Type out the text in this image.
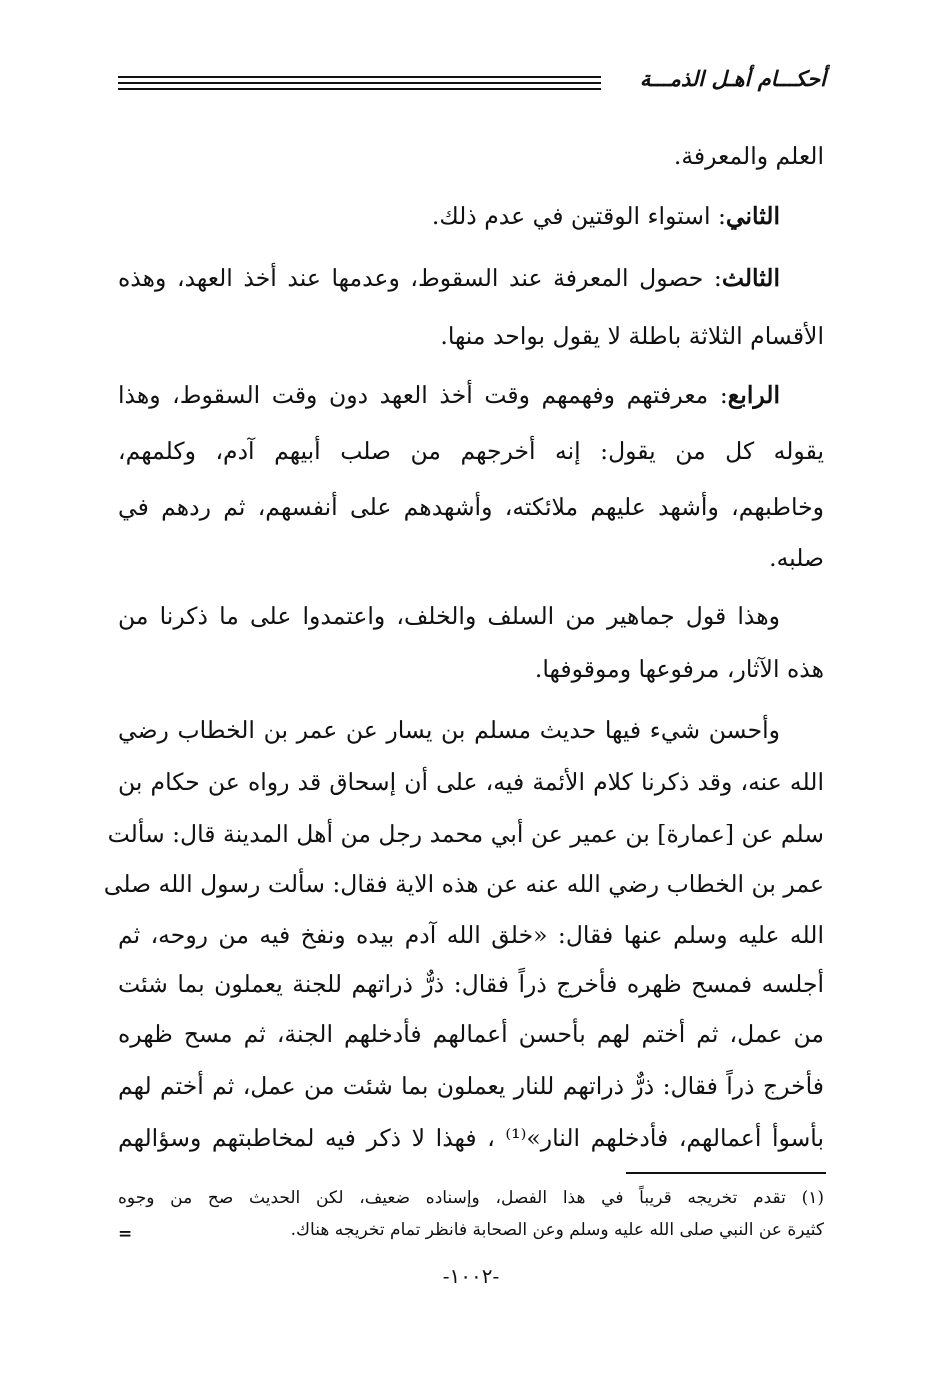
أحكـــام أهـل الذمـــة
العلم والمعرفة.
الثاني: استواء الوقتين في عدم ذلك.
الثالث: حصول المعرفة عند السقوط، وعدمها عند أخذ العهد، وهذه
الأقسام الثلاثة باطلة لا يقول بواحد منها.
الرابع: معرفتهم وفهمهم وقت أخذ العهد دون وقت السقوط، وهذا
يقوله كل من يقول: إنه أخرجهم من صلب أبيهم آدم، وكلمهم،
وخاطبهم، وأشهد عليهم ملائكته، وأشهدهم على أنفسهم، ثم ردهم في
صلبه.
وهذا قول جماهير من السلف والخلف، واعتمدوا على ما ذكرنا من
هذه الآثار، مرفوعها وموقوفها.
وأحسن شيء فيها حديث مسلم بن يسار عن عمر بن الخطاب رضي
الله عنه، وقد ذكرنا كلام الأئمة فيه، على أن إسحاق قد رواه عن حكام بن
سلم عن [عمارة] بن عمير عن أبي محمد رجل من أهل المدينة قال: سألت
عمر بن الخطاب رضي الله عنه عن هذه الاية فقال: سألت رسول الله صلى
الله عليه وسلم عنها فقال: «خلق الله آدم بيده ونفخ فيه من روحه، ثم
أجلسه فمسح ظهره فأخرج ذراً فقال: ذرٌّ ذراتهم للجنة يعملون بما شئت
من عمل، ثم أختم لهم بأحسن أعمالهم فأدخلهم الجنة، ثم مسح ظهره
فأخرج ذراً فقال: ذرٌّ ذراتهم للنار يعملون بما شئت من عمل، ثم أختم لهم
بأسوأ أعمالهم، فأدخلهم النار»⁽¹⁾ ، فهذا لا ذكر فيه لمخاطبتهم وسؤالهم
(١) تقدم تخريجه قريباً في هذا الفصل، وإسناده ضعيف، لكن الحديث صح من وجوه
كثيرة عن النبي صلى الله عليه وسلم وعن الصحابة فانظر تمام تخريجه هناك.
=
-١٠٠٢-
